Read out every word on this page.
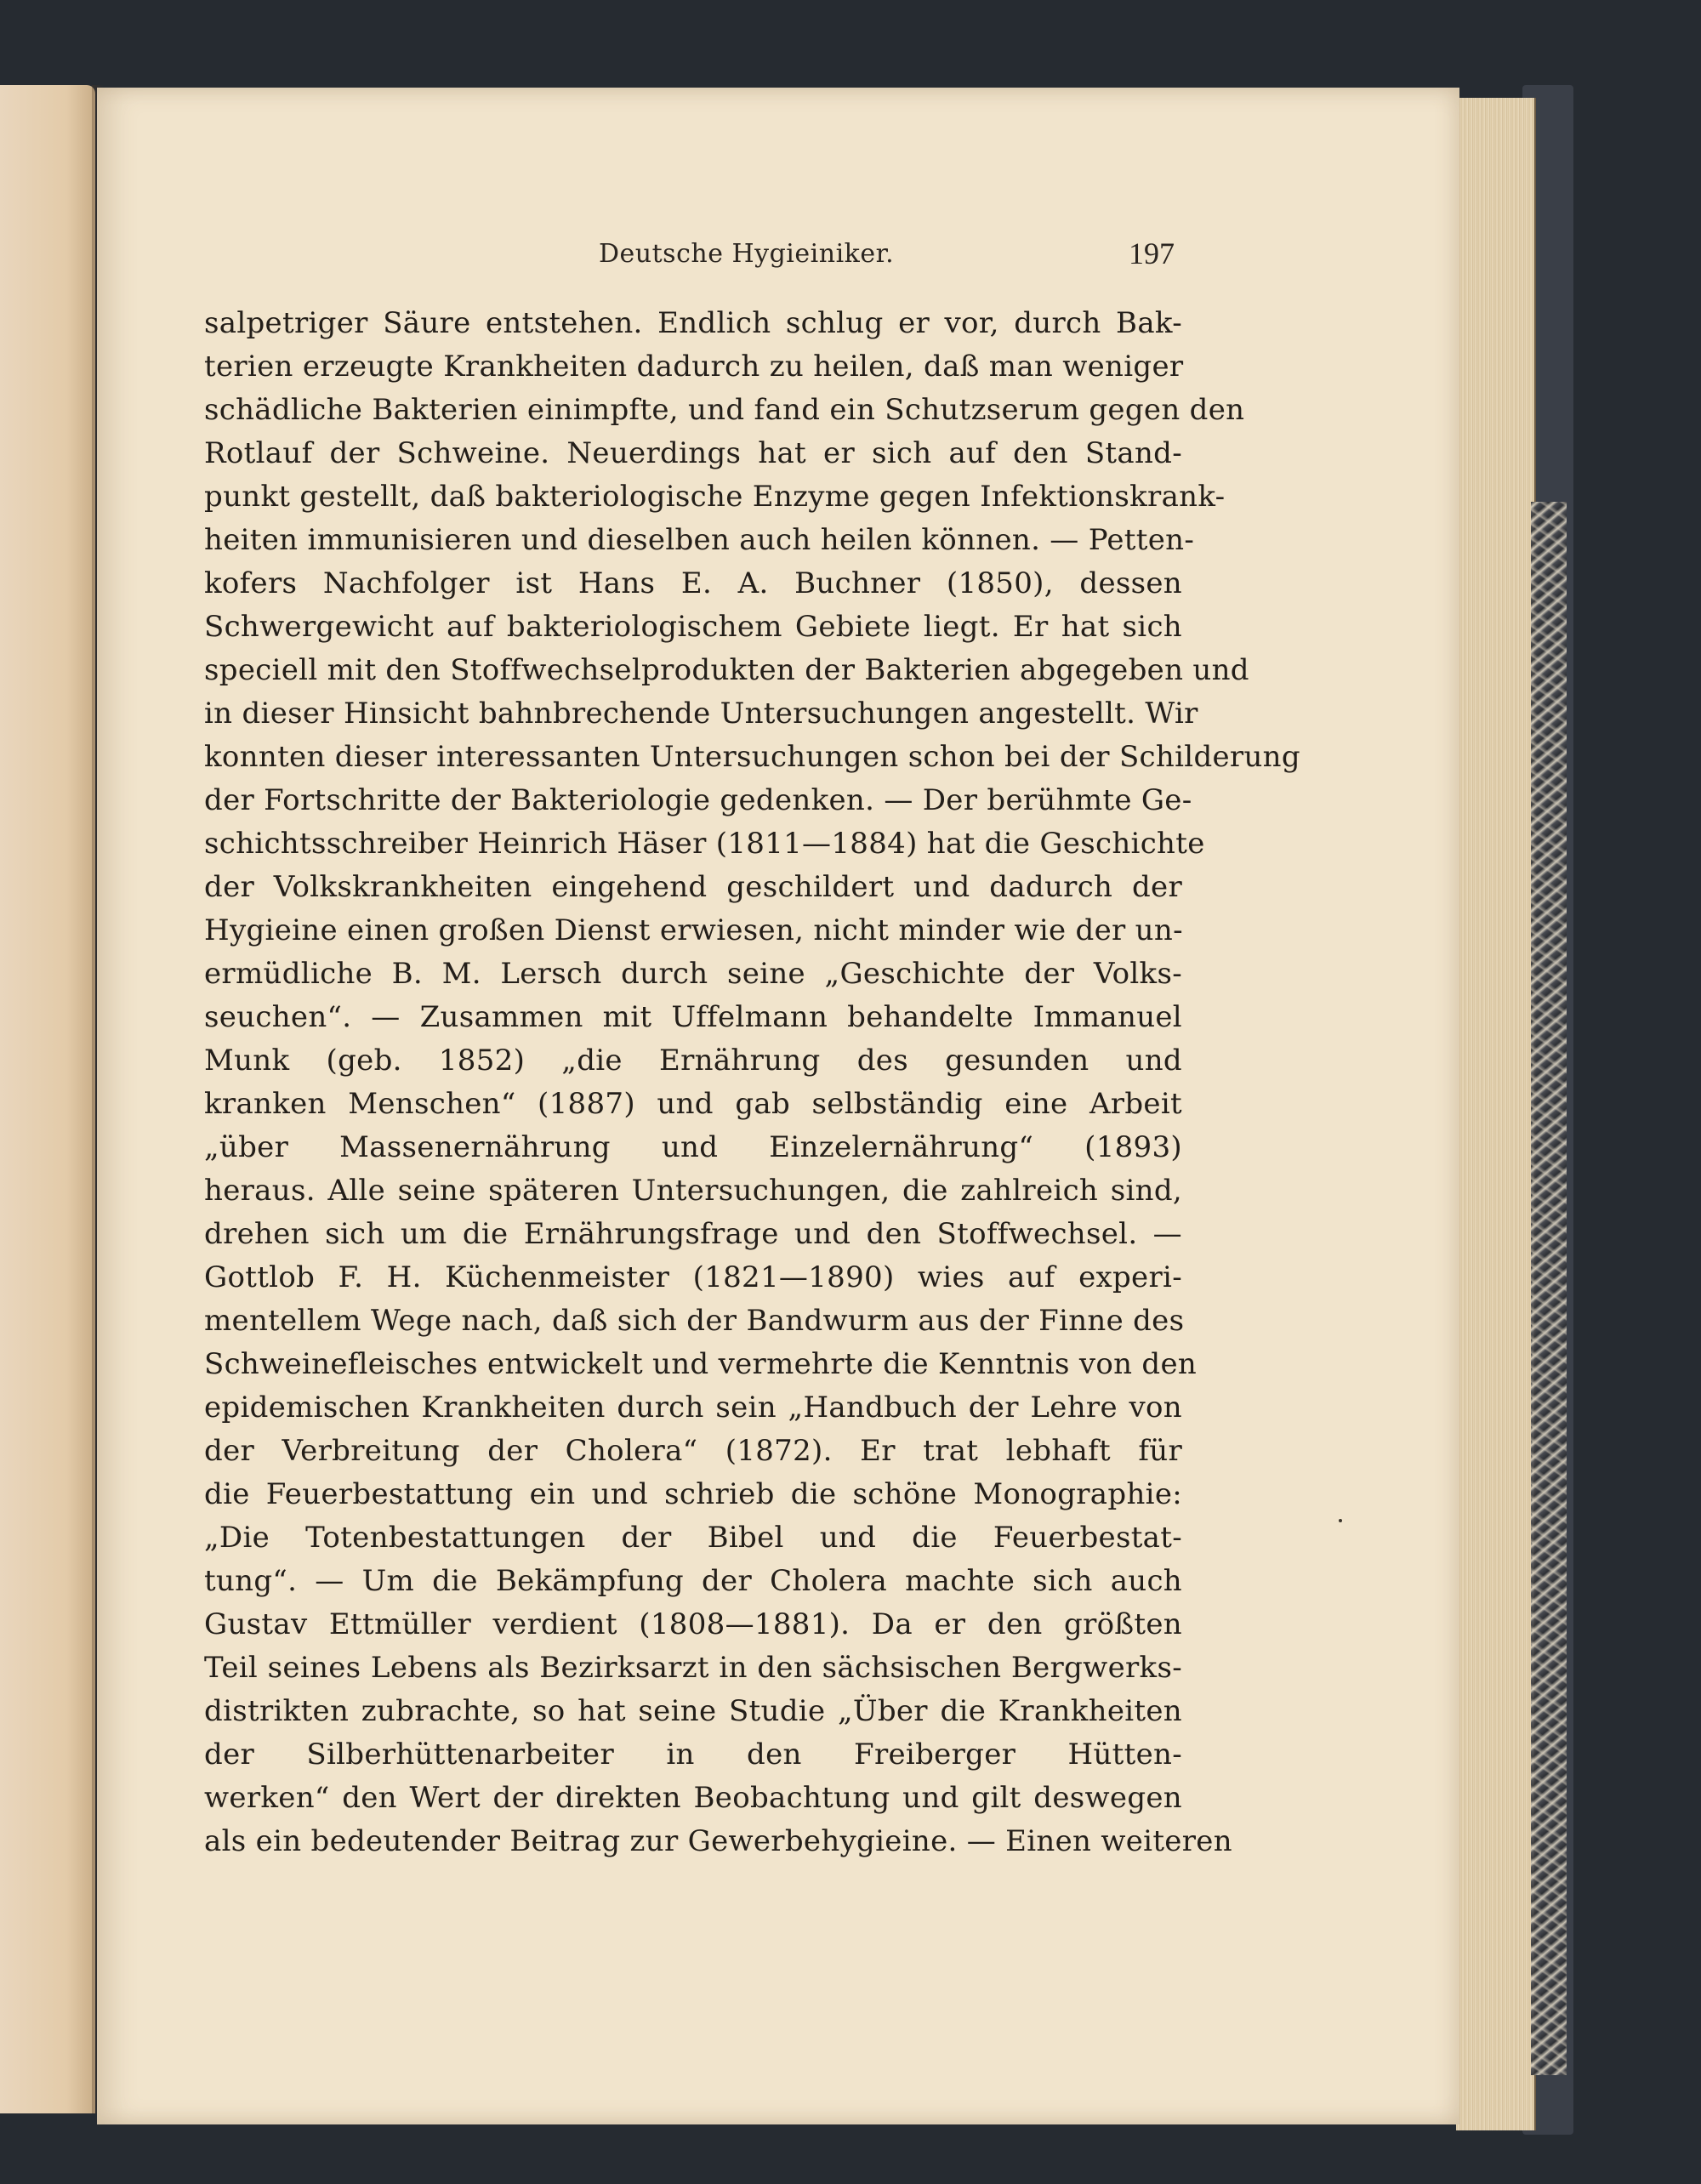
Deutsche Hygieiniker.	197
salpetriger Säure entstehen. Endlich schlug er vor, durch Bak-
terien erzeugte Krankheiten dadurch zu heilen, daß man weniger
schädliche Bakterien einimpfte, und fand ein Schutzserum gegen den
Rotlauf der Schweine. Neuerdings hat er sich auf den Stand-
punkt gestellt, daß bakteriologische Enzyme gegen Infektionskrank-
heiten immunisieren und dieselben auch heilen können. — Petten-
kofers Nachfolger ist Hans E. A. Buchner (1850), dessen
Schwergewicht auf bakteriologischem Gebiete liegt. Er hat sich
speciell mit den Stoffwechselprodukten der Bakterien abgegeben und
in dieser Hinsicht bahnbrechende Untersuchungen angestellt. Wir
konnten dieser interessanten Untersuchungen schon bei der Schilderung
der Fortschritte der Bakteriologie gedenken. — Der berühmte Ge-
schichtsschreiber Heinrich Häser (1811—1884) hat die Geschichte
der Volkskrankheiten eingehend geschildert und dadurch der
Hygieine einen großen Dienst erwiesen, nicht minder wie der un-
ermüdliche B. M. Lersch durch seine „Geschichte der Volks-
seuchen“. — Zusammen mit Uffelmann behandelte Immanuel
Munk (geb. 1852) „die Ernährung des gesunden und
kranken Menschen“ (1887) und gab selbständig eine Arbeit
„über Massenernährung und Einzelernährung“ (1893)
heraus. Alle seine späteren Untersuchungen, die zahlreich sind,
drehen sich um die Ernährungsfrage und den Stoffwechsel. —
Gottlob F. H. Küchenmeister (1821—1890) wies auf experi-
mentellem Wege nach, daß sich der Bandwurm aus der Finne des
Schweinefleisches entwickelt und vermehrte die Kenntnis von den
epidemischen Krankheiten durch sein „Handbuch der Lehre von
der Verbreitung der Cholera“ (1872). Er trat lebhaft für
die Feuerbestattung ein und schrieb die schöne Monographie:
„Die Totenbestattungen der Bibel und die Feuerbestat-
tung“. — Um die Bekämpfung der Cholera machte sich auch
Gustav Ettmüller verdient (1808—1881). Da er den größten
Teil seines Lebens als Bezirksarzt in den sächsischen Bergwerks-
distrikten zubrachte, so hat seine Studie „Über die Krankheiten
der Silberhüttenarbeiter in den Freiberger Hütten-
werken“ den Wert der direkten Beobachtung und gilt deswegen
als ein bedeutender Beitrag zur Gewerbehygieine. — Einen weiteren
